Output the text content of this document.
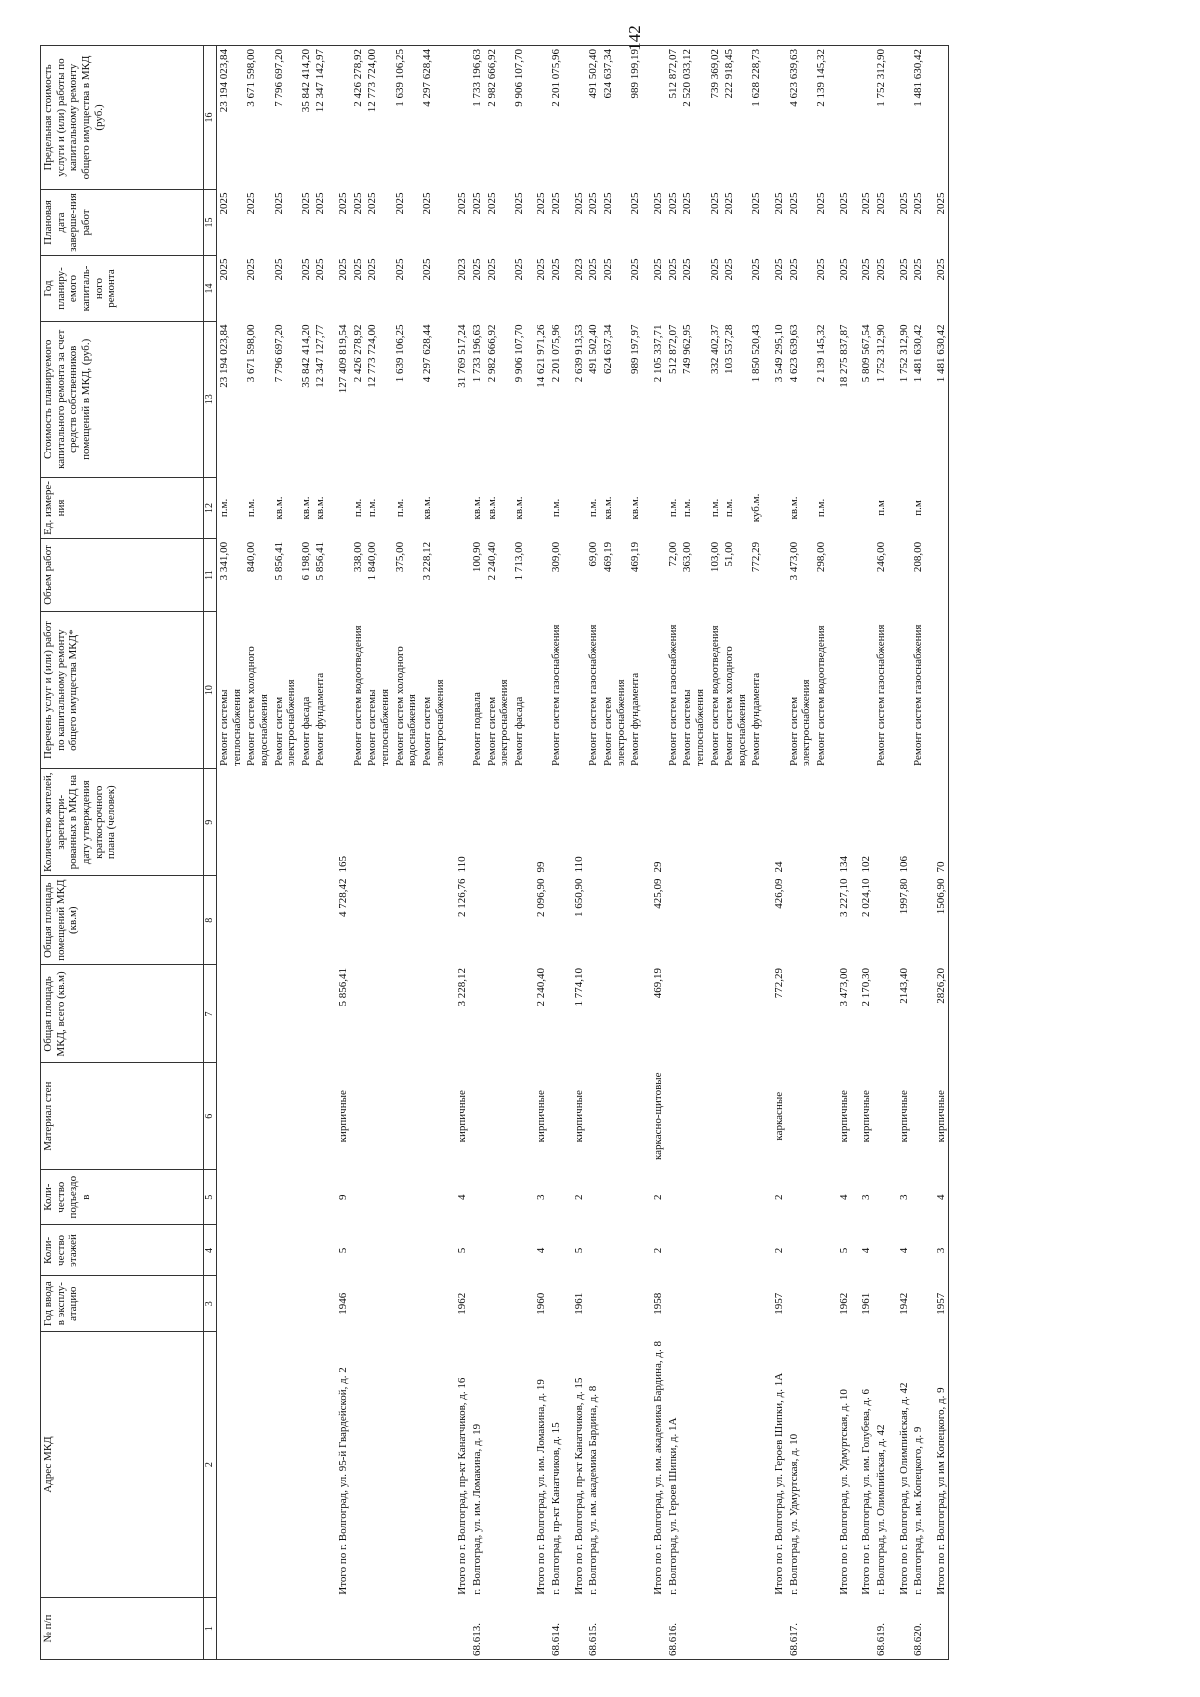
142
№ п/п	Адрес МКД	Год ввода в эксплу-атацию	Коли-чество этажей	Коли-чество подъездо в	Материал стен	Общая площадь МКД, всего (кв.м)	Общая площадь помещений МКД (кв.м)	Количество жителей, зарегистри-рованных в МКД на дату утверждения краткосрочного плана (человек)	Перечень услуг и (или) работ по капитальному ремонту общего имущества МКД*	Объем работ	Ед. измере-ния	Стоимость планируемого капитального ремонта за счет средств собственников помещений в МКД, (руб.)	Год планиру-емого капиталь-ного ремонта	Плановая дата заверше-ния работ	Предельная стоимость услуги и (или) работы по капитальному ремонту общего имущества в МКД (руб.)
1	2	3	4	5	6	7	8	9	10	11	12	13	14	15	16
									Ремонт системы теплоснабжения	3 341,00	п.м.	23 194 023,84	2025	2025	23 194 023,84
									Ремонт систем холодного водоснабжения	840,00	п.м.	3 671 598,00	2025	2025	3 671 598,00
									Ремонт систем электроснабжения	5 856,41	кв.м.	7 796 697,20	2025	2025	7 796 697,20
									Ремонт фасада	6 198,00	кв.м.	35 842 414,20	2025	2025	35 842 414,20
									Ремонт фундамента	5 856,41	кв.м.	12 347 127,77	2025	2025	12 347 142,97
	Итого по г. Волгоград, ул. 95-й Гвардейской, д. 2	1946	5	9	кирпичные	5 856,41	4 728,42	165				127 409 819,54	2025	2025	
									Ремонт систем водоотведения	338,00	п.м.	2 426 278,92	2025	2025	2 426 278,92
									Ремонт системы теплоснабжения	1 840,00	п.м.	12 773 724,00	2025	2025	12 773 724,00
									Ремонт систем холодного водоснабжения	375,00	п.м.	1 639 106,25	2025	2025	1 639 106,25
									Ремонт систем электроснабжения	3 228,12	кв.м.	4 297 628,44	2025	2025	4 297 628,44
	Итого по г. Волгоград, пр-кт Канатчиков, д. 16	1962	5	4	кирпичные	3 228,12	2 126,76	110				31 769 517,24	2023	2025	
68.613.	г. Волгоград, ул. им. Ломакина, д. 19								Ремонт подвала	100,90	кв.м.	1 733 196,63	2025	2025	1 733 196,63
									Ремонт систем электроснабжения	2 240,40	кв.м.	2 982 666,92	2025	2025	2 982 666,92
									Ремонт фасада	1 713,00	кв.м.	9 906 107,70	2025	2025	9 906 107,70
	Итого по г. Волгоград, ул. им. Ломакина, д. 19	1960	4	3	кирпичные	2 240,40	2 096,90	99				14 621 971,26	2025	2025	
68.614.	г. Волгоград, пр-кт Канатчиков, д. 15								Ремонт систем газоснабжения	309,00	п.м.	2 201 075,96	2025	2025	2 201 075,96
	Итого по г. Волгоград, пр-кт Канатчиков, д. 15	1961	5	2	кирпичные	1 774,10	1 650,90	110				2 639 913,53	2023	2025	
68.615.	г. Волгоград, ул. им. академика Бардина, д. 8								Ремонт систем газоснабжения	69,00	п.м.	491 502,40	2025	2025	491 502,40
									Ремонт систем электроснабжения	469,19	кв.м.	624 637,34	2025	2025	624 637,34
									Ремонт фундамента	469,19	кв.м.	989 197,97	2025	2025	989 199,19
	Итого по г. Волгоград, ул. им. академика Бардина, д. 8	1958	2	2	каркасно-щитовые	469,19	425,09	29				2 105 337,71	2025	2025	
68.616.	г. Волгоград, ул. Героев Шипки, д. 1А								Ремонт систем газоснабжения	72,00	п.м.	512 872,07	2025	2025	512 872,07
									Ремонт системы теплоснабжения	363,00	п.м.	749 962,95	2025	2025	2 520 033,12
									Ремонт систем водоотведения	103,00	п.м.	332 402,37	2025	2025	739 369,02
									Ремонт систем холодного водоснабжения	51,00	п.м.	103 537,28	2025	2025	222 918,45
									Ремонт фундамента	772,29	куб.м.	1 850 520,43	2025	2025	1 628 228,73
	Итого по г. Волгоград, ул. Героев Шипки, д. 1А	1957	2	2	каркасные	772,29	426,09	24				3 549 295,10	2025	2025	
68.617.	г. Волгоград, ул. Удмуртская, д. 10								Ремонт систем электроснабжения	3 473,00	кв.м.	4 623 639,63	2025	2025	4 623 639,63
									Ремонт систем водоотведения	298,00	п.м.	2 139 145,32	2025	2025	2 139 145,32
	Итого по г. Волгоград, ул. Удмуртская, д. 10	1962	5	4	кирпичные	3 473,00	3 227,10	134				18 275 837,87	2025	2025	
	Итого по г. Волгоград, ул. им. Голубева, д. 6	1961	4	3	кирпичные	2 170,30	2 024,10	102				5 809 567,54	2025	2025	
68.619.	г. Волгоград, ул. Олимпийская, д. 42								Ремонт систем газоснабжения	246,00	п.м	1 752 312,90	2025	2025	1 752 312,90
	Итого по г. Волгоград, ул Олимпийская, д. 42	1942	4	3	кирпичные	2143,40	1997,80	106				1 752 312,90	2025	2025	
68.620.	г. Волгоград, ул. им. Копецкого, д. 9								Ремонт систем газоснабжения	208,00	п.м	1 481 630,42	2025	2025	1 481 630,42
	Итого по г. Волгоград, ул им Копецкого, д. 9	1957	3	4	кирпичные	2826,20	1506,90	70				1 481 630,42	2025	2025	
